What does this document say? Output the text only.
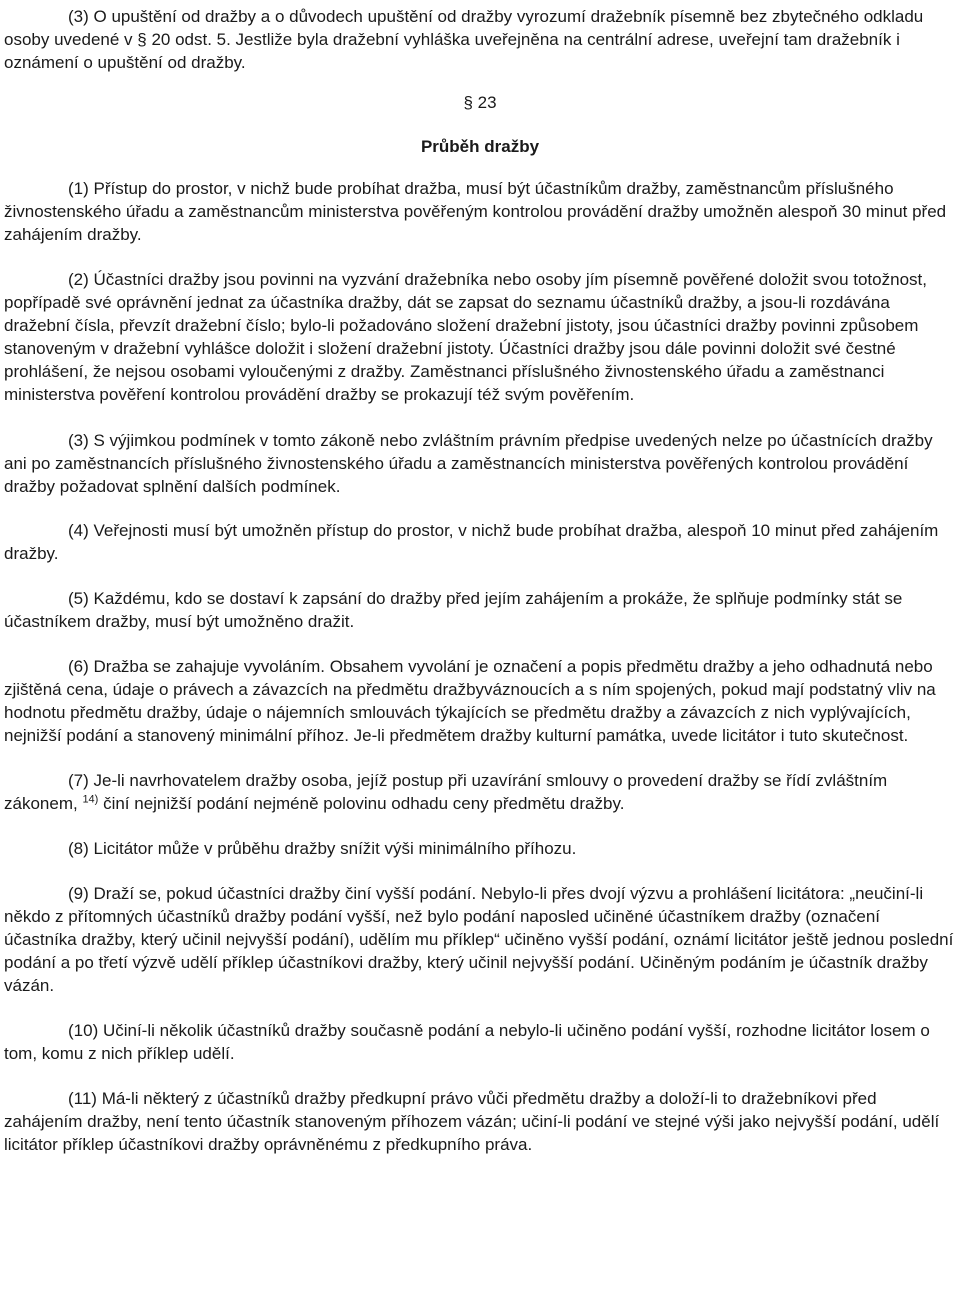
(3) O upuštění od dražby a o důvodech upuštění od dražby vyrozumí dražebník písemně bez zbytečného odkladu osoby uvedené v § 20 odst. 5. Jestliže byla dražební vyhláška uveřejněna na centrální adrese, uveřejní tam dražebník i oznámení o upuštění od dražby.

§ 23

Průběh dražby

(1) Přístup do prostor, v nichž bude probíhat dražba, musí být účastníkům dražby, zaměstnancům příslušného živnostenského úřadu a zaměstnancům ministerstva pověřeným kontrolou provádění dražby umožněn alespoň 30 minut před zahájením dražby.

(2) Účastníci dražby jsou povinni na vyzvání dražebníka nebo osoby jím písemně pověřené doložit svou totožnost, popřípadě své oprávnění jednat za účastníka dražby, dát se zapsat do seznamu účastníků dražby, a jsou-li rozdávána dražební čísla, převzít dražební číslo; bylo-li požadováno složení dražební jistoty, jsou účastníci dražby povinni způsobem stanoveným v dražební vyhlášce doložit i složení dražební jistoty. Účastníci dražby jsou dále povinni doložit své čestné prohlášení, že nejsou osobami vyloučenými z dražby. Zaměstnanci příslušného živnostenského úřadu a zaměstnanci ministerstva pověření kontrolou provádění dražby se prokazují též svým pověřením.

(3) S výjimkou podmínek v tomto zákoně nebo zvláštním právním předpise uvedených nelze po účastnících dražby ani po zaměstnancích příslušného živnostenského úřadu a zaměstnancích ministerstva pověřených kontrolou provádění dražby požadovat splnění dalších podmínek.

(4) Veřejnosti musí být umožněn přístup do prostor, v nichž bude probíhat dražba, alespoň 10 minut před zahájením dražby.

(5) Každému, kdo se dostaví k zapsání do dražby před jejím zahájením a prokáže, že splňuje podmínky stát se účastníkem dražby, musí být umožněno dražit.

(6) Dražba se zahajuje vyvoláním. Obsahem vyvolání je označení a popis předmětu dražby a jeho odhadnutá nebo zjištěná cena, údaje o právech a závazcích na předmětu dražbyváznoucích a s ním spojených, pokud mají podstatný vliv na hodnotu předmětu dražby, údaje o nájemních smlouvách týkajících se předmětu dražby a závazcích z nich vyplývajících, nejnižší podání a stanovený minimální příhoz. Je-li předmětem dražby kulturní památka, uvede licitátor i tuto skutečnost.

(7) Je-li navrhovatelem dražby osoba, jejíž postup při uzavírání smlouvy o provedení dražby se řídí zvláštním zákonem, $^{14)}$ činí nejnižší podání nejméně polovinu odhadu ceny předmětu dražby.

(8) Licitátor může v průběhu dražby snížit výši minimálního příhozu.

(9) Draží se, pokud účastníci dražby činí vyšší podání. Nebylo-li přes dvojí výzvu a prohlášení licitátora: „neučiní-li někdo z přítomných účastníků dražby podání vyšší, než bylo podání naposled učiněné účastníkem dražby (označení účastníka dražby, který učinil nejvyšší podání), udělím mu příklep“ učiněno vyšší podání, oznámí licitátor ještě jednou poslední podání a po třetí výzvě udělí příklep účastníkovi dražby, který učinil nejvyšší podání. Učiněným podáním je účastník dražby vázán.

(10) Učiní-li několik účastníků dražby současně podání a nebylo-li učiněno podání vyšší, rozhodne licitátor losem o tom, komu z nich příklep udělí.

(11) Má-li některý z účastníků dražby předkupní právo vůči předmětu dražby a doloží-li to dražebníkovi před zahájením dražby, není tento účastník stanoveným příhozem vázán; učiní-li podání ve stejné výši jako nejvyšší podání, udělí licitátor příklep účastníkovi dražby oprávněnému z předkupního práva.
